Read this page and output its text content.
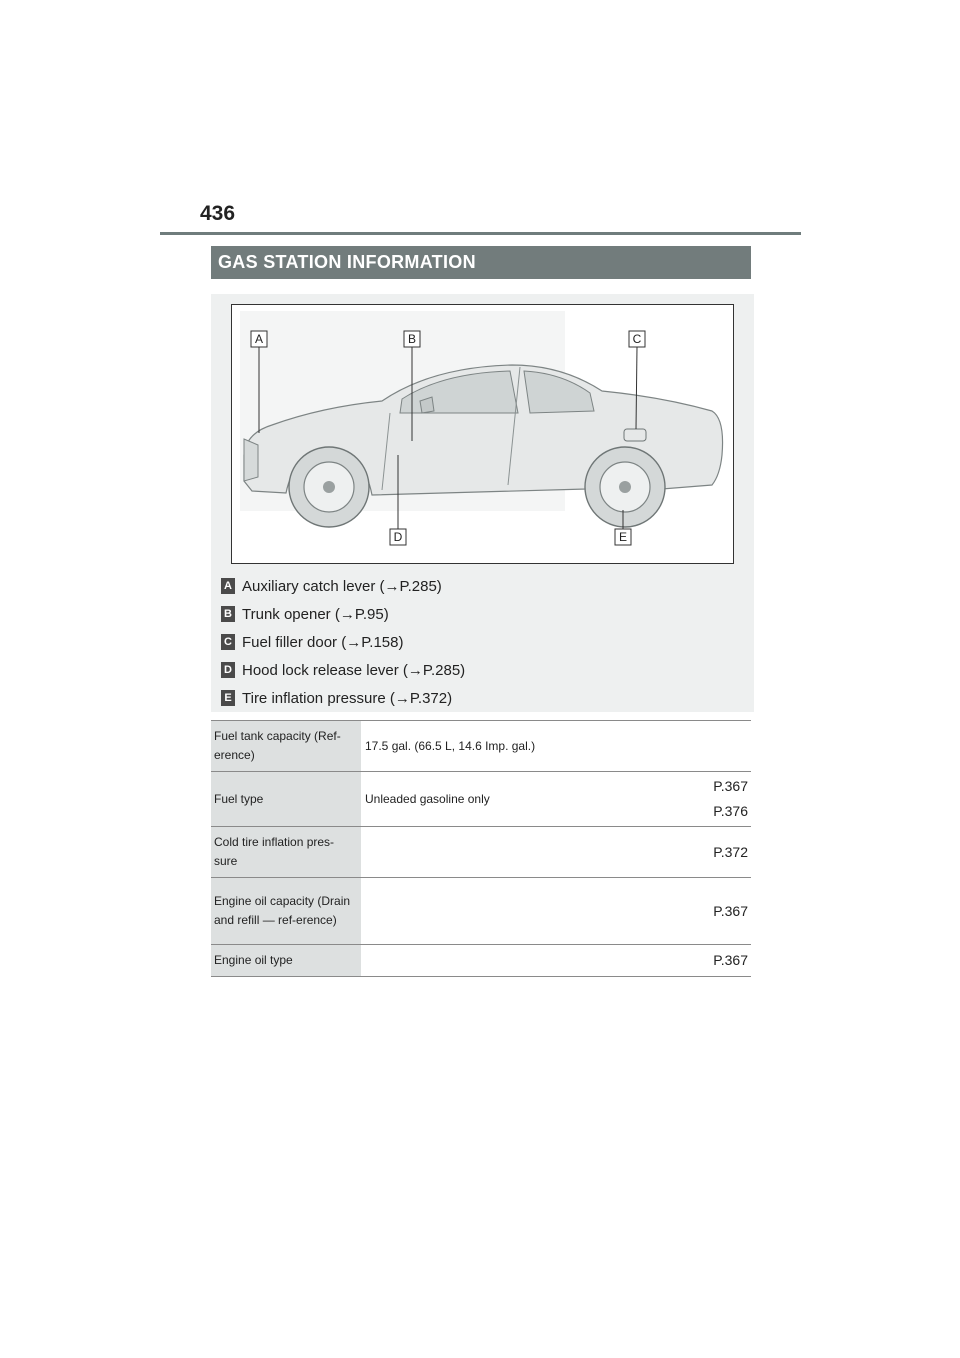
436
GAS STATION INFORMATION
A	B	C
D	E
A Auxiliary catch lever (→P.285)
B Trunk opener (→P.95)
C Fuel filler door (→P.158)
D Hood lock release lever (→P.285)
E Tire inflation pressure (→P.372)
Fuel tank capacity (Ref-erence)	17.5 gal. (66.5 L, 14.6 Imp. gal.)	
Fuel type	Unleaded gasoline only	P.367
P.376

Cold tire inflation pres-sure		P.372

Engine oil capacity (Drain and refill — ref-erence)		P.367

Engine oil type		P.367
